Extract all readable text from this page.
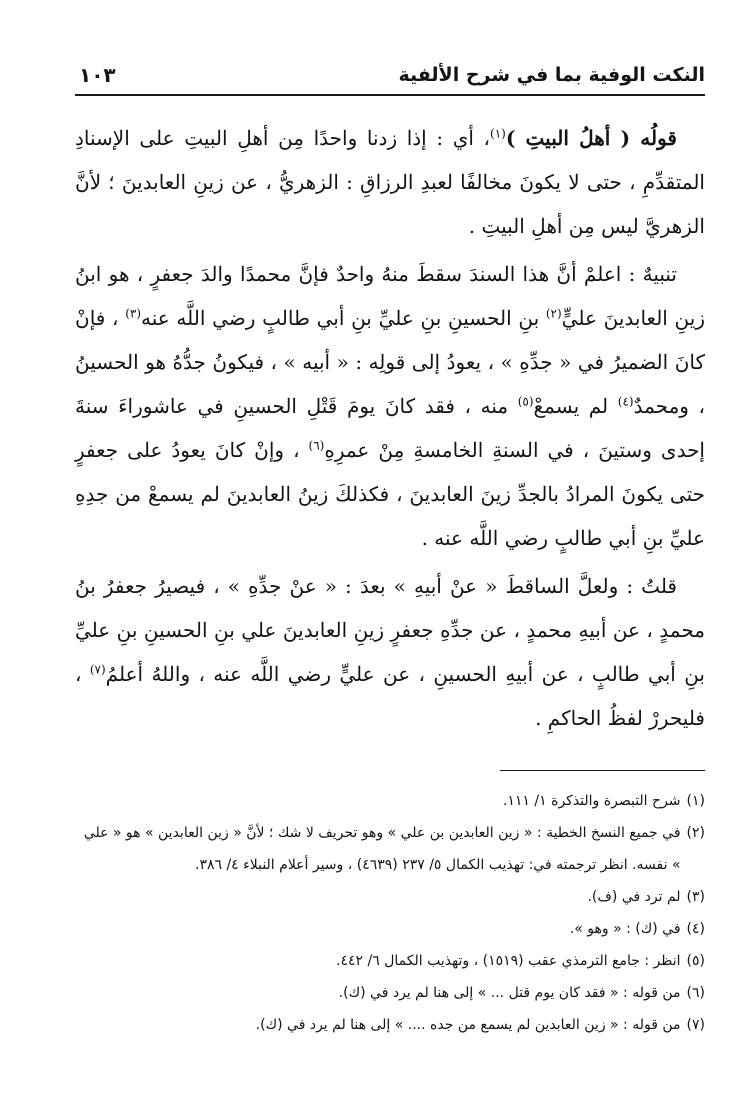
النكت الوفية بما في شرح الألفية
١٠٣

قولُه ( أهلُ البيتِ )$^{(١)}$، أي : إذا زدنا واحدًا مِن أهلِ البيتِ على الإسنادِ المتقدِّمِ ، حتى لا يكونَ مخالفًا لعبدِ الرزاقِ : الزهريُّ ، عن زينِ العابدينَ ؛ لأنَّ الزهريَّ ليس مِن أهلِ البيتِ .

تنبيهٌ : اعلمْ أنَّ هذا السندَ سقطَ منهُ واحدٌ فإنَّ محمدًا والدَ جعفرٍ ، هو ابنُ زينِ العابدينَ عليٍّ$^{(٢)}$ بنِ الحسينِ بنِ عليِّ بنِ أبي طالبٍ رضي اللَّه عنه$^{(٣)}$ ، فإنْ كانَ الضميرُ في « جدِّهِ » ، يعودُ إلى قولِه : « أبيه » ، فيكونُ جدُّهُ هو الحسينُ ، ومحمدٌ$^{(٤)}$ لم يسمعْ$^{(٥)}$ منه ، فقد كانَ يومَ قَتْلِ الحسينِ في عاشوراءَ سنةَ إحدى وستينَ ، في السنةِ الخامسةِ مِنْ عمرِهِ$^{(٦)}$ ، وإنْ كانَ يعودُ على جعفرٍ حتى يكونَ المرادُ بالجدِّ زينَ العابدينَ ، فكذلكَ زينُ العابدينَ لم يسمعْ من جدِهِ عليِّ بنِ أبي طالبٍ رضي اللَّه عنه .

قلتُ : ولعلَّ الساقطَ « عنْ أبيهِ » بعدَ : « عنْ جدِّهِ » ، فيصيرُ جعفرُ بنُ محمدٍ ، عن أبيهِ محمدٍ ، عن جدِّهِ جعفرٍ زينِ العابدينَ علي بنِ الحسينِ بنِ عليِّ بنِ أبي طالبٍ ، عن أبيهِ الحسينِ ، عن عليٍّ رضي اللَّه عنه ، واللهُ أعلمُ$^{(٧)}$ ، فليحررْ لفظُ الحاكمِ .

(١)
شرح التبصرة والتذكرة ١/ ١١١.

(٢)
في جميع النسخ الخطية : « زين العابدين بن علي » وهو تحريف لا شك ؛ لأنَّ « زين العابدين » هو « علي » نفسه. انظر ترجمته في: تهذيب الكمال ٥/ ٢٣٧ (٤٦٣٩) ، وسير أعلام النبلاء ٤/ ٣٨٦.

(٣)
لم ترد في (ف).

(٤)
في (ك) : « وهو ».

(٥)
انظر : جامع الترمذي عقب (١٥١٩) ، وتهذيب الكمال ٦/ ٤٤٢.

(٦)
من قوله : « فقد كان يوم قتل ... » إلى هنا لم يرد في (ك).

(٧)
من قوله : « زين العابدين لم يسمع من جده .... » إلى هنا لم يرد في (ك).
